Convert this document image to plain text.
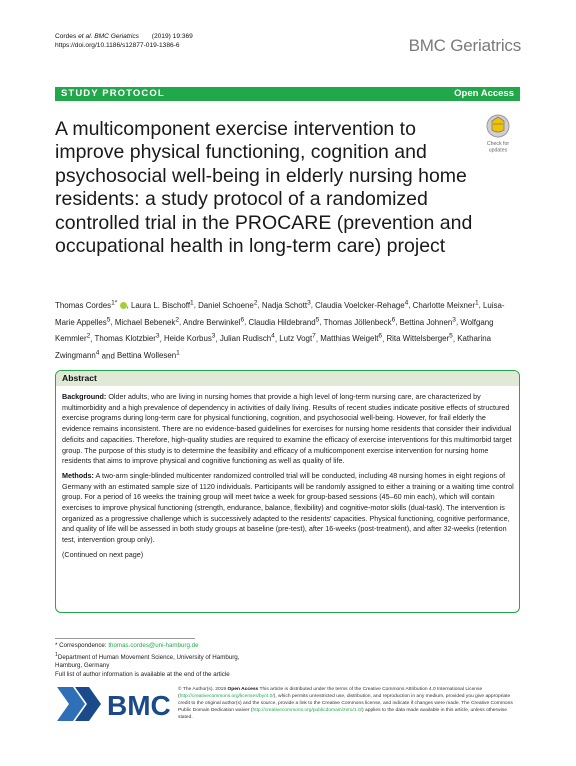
Cordes et al. BMC Geriatrics (2019) 19:369
https://doi.org/10.1186/s12877-019-1386-6	BMC Geriatrics
STUDY PROTOCOL	Open Access
A multicomponent exercise intervention to improve physical functioning, cognition and psychosocial well-being in elderly nursing home residents: a study protocol of a randomized controlled trial in the PROCARE (prevention and occupational health in long-term care) project
Check for
updates
Thomas Cordes$^{1*}$ , Laura L. Bischoff$^1$, Daniel Schoene$^2$, Nadja Schott$^3$, Claudia Voelcker-Rehage$^4$, Charlotte Meixner$^1$, Luisa-Marie Appelles$^5$, Michael Bebenek$^2$, Andre Berwinkel$^6$, Claudia Hildebrand$^5$, Thomas Jöllenbeck$^6$, Bettina Johnen$^3$, Wolfgang Kemmler$^2$, Thomas Klotzbier$^3$, Heide Korbus$^3$, Julian Rudisch$^4$, Lutz Vogt$^7$, Matthias Weigelt$^6$, Rita Wittelsberger$^5$, Katharina Zwingmann$^4$ and Bettina Wollesen$^1$
Abstract

Background: Older adults, who are living in nursing homes that provide a high level of long-term nursing care, are characterized by multimorbidity and a high prevalence of dependency in activities of daily living. Results of recent studies indicate positive effects of structured exercise programs during long-term care for physical functioning, cognition, and psychosocial well-being. However, for frail elderly the evidence remains inconsistent. There are no evidence-based guidelines for exercises for nursing home residents that consider their individual deficits and capacities. Therefore, high-quality studies are required to examine the efficacy of exercise interventions for this multimorbid target group. The purpose of this study is to determine the feasibility and efficacy of a multicomponent exercise intervention for nursing home residents that aims to improve physical and cognitive functioning as well as quality of life.

Methods: A two-arm single-blinded multicenter randomized controlled trial will be conducted, including 48 nursing homes in eight regions of Germany with an estimated sample size of 1120 individuals. Participants will be randomly assigned to either a training or a waiting time control group. For a period of 16 weeks the training group will meet twice a week for group-based sessions (45–60 min each), which will contain exercises to improve physical functioning (strength, endurance, balance, flexibility) and cognitive-motor skills (dual-task). The intervention is organized as a progressive challenge which is successively adapted to the residents' capacities. Physical functioning, cognitive performance, and quality of life will be assessed in both study groups at baseline (pre-test), after 16-weeks (post-treatment), and after 32-weeks (retention test, intervention group only).

(Continued on next page)

* Correspondence: thomas.cordes@uni-hamburg.de
$^1$Department of Human Movement Science, University of Hamburg,
Hamburg, Germany
Full list of author information is available at the end of the article
BMC
© The Author(s). 2019 Open Access This article is distributed under the terms of the Creative Commons Attribution 4.0 International License (http://creativecommons.org/licenses/by/4.0/), which permits unrestricted use, distribution, and reproduction in any medium, provided you give appropriate credit to the original author(s) and the source, provide a link to the Creative Commons license, and indicate if changes were made. The Creative Commons Public Domain Dedication waiver (http://creativecommons.org/publicdomain/zero/1.0/) applies to the data made available in this article, unless otherwise stated.
